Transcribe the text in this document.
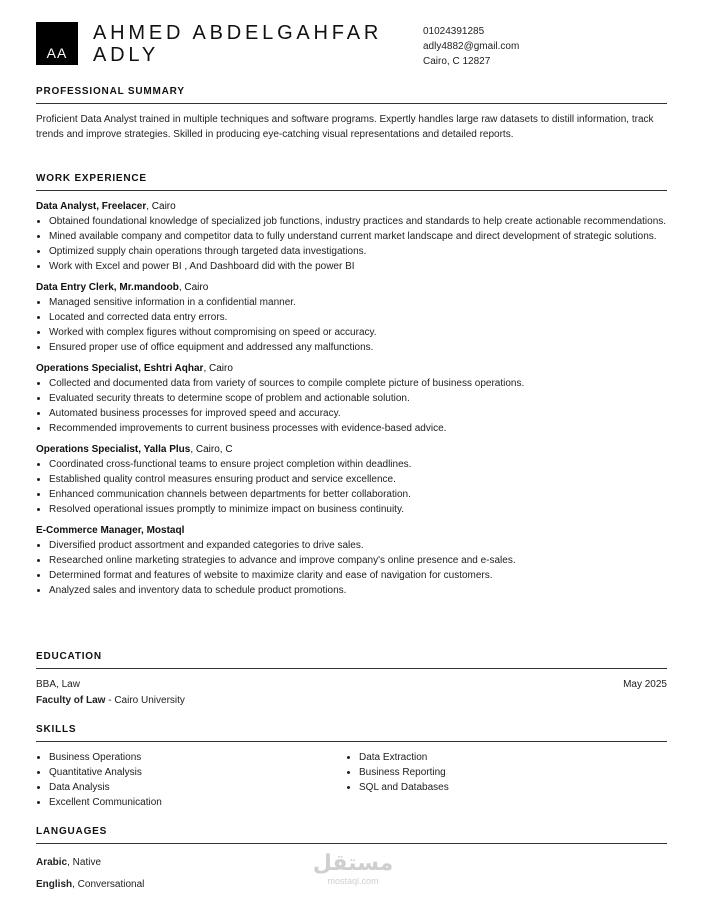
AA
AHMED ABDELGAHFAR
ADLY
01024391285
adly4882@gmail.com
Cairo, C 12827
PROFESSIONAL SUMMARY

Proficient Data Analyst trained in multiple techniques and software programs. Expertly handles large raw datasets to distill information, track trends and improve strategies. Skilled in producing eye-catching visual representations and detailed reports.

WORK EXPERIENCE
Data Analyst, Freelacer, Cairo
• Obtained foundational knowledge of specialized job functions, industry practices and standards to help create actionable recommendations.
• Mined available company and competitor data to fully understand current market landscape and direct development of strategic solutions.
• Optimized supply chain operations through targeted data investigations.
• Work with Excel and power BI , And Dashboard did with the power BI
Data Entry Clerk, Mr.mandoob, Cairo
• Managed sensitive information in a confidential manner.
• Located and corrected data entry errors.
• Worked with complex figures without compromising on speed or accuracy.
• Ensured proper use of office equipment and addressed any malfunctions.
Operations Specialist, Eshtri Aqhar, Cairo
• Collected and documented data from variety of sources to compile complete picture of business operations.
• Evaluated security threats to determine scope of problem and actionable solution.
• Automated business processes for improved speed and accuracy.
• Recommended improvements to current business processes with evidence-based advice.
Operations Specialist, Yalla Plus, Cairo, C
• Coordinated cross-functional teams to ensure project completion within deadlines.
• Established quality control measures ensuring product and service excellence.
• Enhanced communication channels between departments for better collaboration.
• Resolved operational issues promptly to minimize impact on business continuity.
E-Commerce Manager, Mostaql
• Diversified product assortment and expanded categories to drive sales.
• Researched online marketing strategies to advance and improve company's online presence and e-sales.
• Determined format and features of website to maximize clarity and ease of navigation for customers.
• Analyzed sales and inventory data to schedule product promotions.
EDUCATION
BBA, Law	May 2025
Faculty of Law - Cairo University
SKILLS
• Business Operations
• Quantitative Analysis
• Data Analysis
• Excellent Communication
• Data Extraction
• Business Reporting
• SQL and Databases
LANGUAGES
Arabic, Native
English, Conversational
مستقل
mostaql.com
